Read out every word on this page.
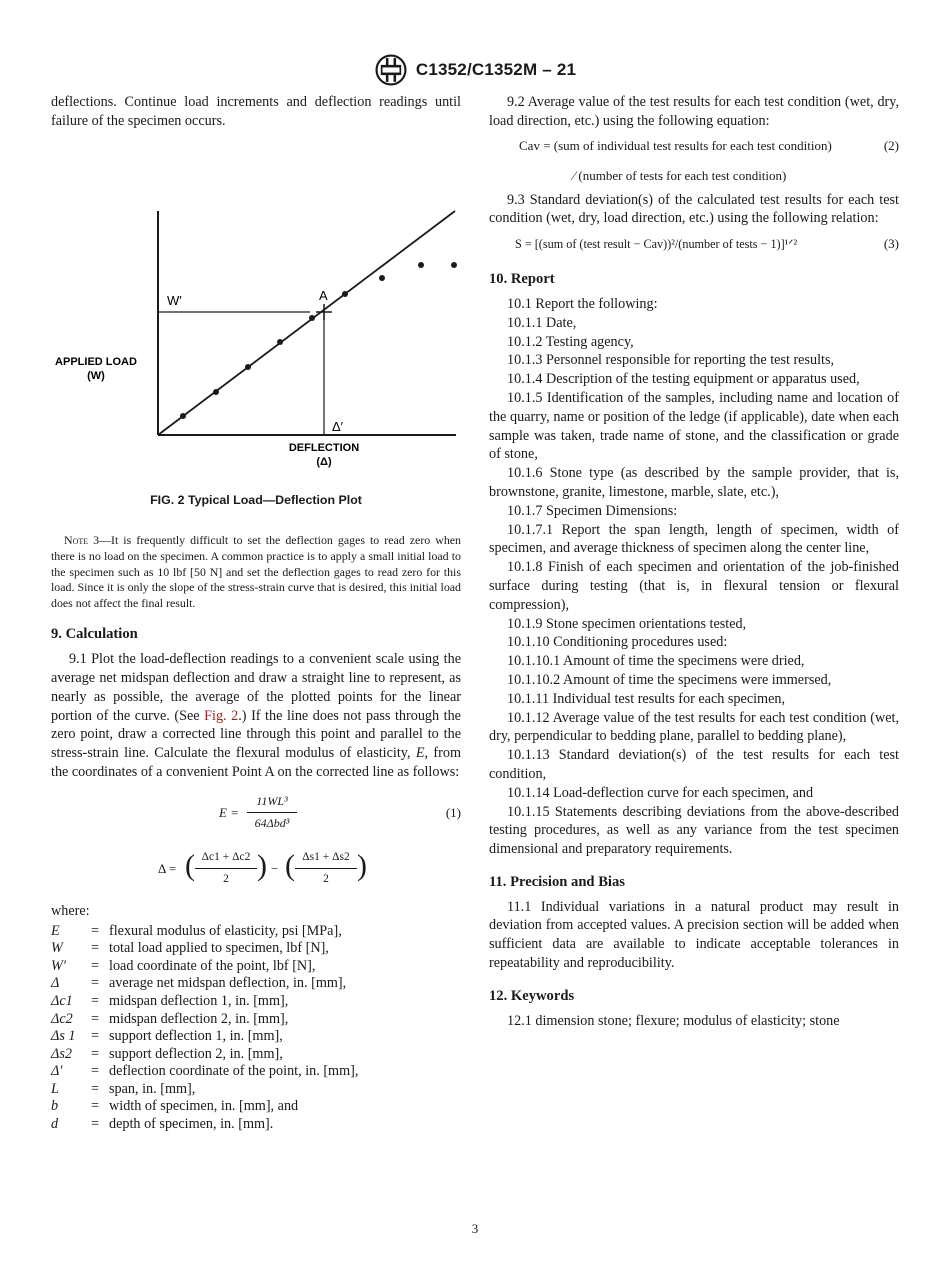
C1352/C1352M – 21

deflections. Continue load increments and deflection readings until failure of the specimen occurs.

APPLIED LOAD
(W)
DEFLECTION
(Δ)
W′	A
Δ′
FIG. 2 Typical Load—Deflection Plot

Note 3—It is frequently difficult to set the deflection gages to read zero when there is no load on the specimen. A common practice is to apply a small initial load to the specimen such as 10 lbf [50 N] and set the deflection gages to read zero for this load. Since it is only the slope of the stress-strain curve that is desired, this initial load does not affect the final result.

9. Calculation

9.1 Plot the load-deflection readings to a convenient scale using the average net midspan deflection and draw a straight line to represent, as nearly as possible, the average of the plotted points for the linear portion of the curve. (See Fig. 2.) If the line does not pass through the zero point, draw a corrected line through this point and parallel to the stress-strain line. Calculate the flexural modulus of elasticity, E, from the coordinates of a convenient Point A on the corrected line as follows:

E =
11WL³
64Δbd³
(1)
Δ = ( Δc1 + Δc2
2 ) − ( Δs1 + Δs2
2 )

where:

E	=	flexural modulus of elasticity, psi [MPa],
W	=	total load applied to specimen, lbf [N],
W′	=	load coordinate of the point, lbf [N],
Δ	=	average net midspan deflection, in. [mm],
Δc1	=	midspan deflection 1, in. [mm],
Δc2	=	midspan deflection 2, in. [mm],
Δs 1	=	support deflection 1, in. [mm],
Δs2	=	support deflection 2, in. [mm],
Δ′	=	deflection coordinate of the point, in. [mm],
L	=	span, in. [mm],
b	=	width of specimen, in. [mm], and
d	=	depth of specimen, in. [mm].

9.2 Average value of the test results for each test condition (wet, dry, load direction, etc.) using the following equation:

Cav = (sum of individual test results for each test condition)	(2)
⁄ (number of tests for each test condition)

9.3 Standard deviation(s) of the calculated test results for each test condition (wet, dry, load direction, etc.) using the following relation:

S = [(sum of (test result − Cav))²/(number of tests − 1)]¹ᐟ²	(3)
10. Report

10.1 Report the following:

10.1.1 Date,

10.1.2 Testing agency,

10.1.3 Personnel responsible for reporting the test results,

10.1.4 Description of the testing equipment or apparatus used,

10.1.5 Identification of the samples, including name and location of the quarry, name or position of the ledge (if applicable), date when each sample was taken, trade name of stone, and the classification or grade of stone,

10.1.6 Stone type (as described by the sample provider, that is, brownstone, granite, limestone, marble, slate, etc.),

10.1.7 Specimen Dimensions:

10.1.7.1 Report the span length, length of specimen, width of specimen, and average thickness of specimen along the center line,

10.1.8 Finish of each specimen and orientation of the job-finished surface during testing (that is, in flexural tension or flexural compression),

10.1.9 Stone specimen orientations tested,

10.1.10 Conditioning procedures used:

10.1.10.1 Amount of time the specimens were dried,

10.1.10.2 Amount of time the specimens were immersed,

10.1.11 Individual test results for each specimen,

10.1.12 Average value of the test results for each test condition (wet, dry, perpendicular to bedding plane, parallel to bedding plane),

10.1.13 Standard deviation(s) of the test results for each test condition,

10.1.14 Load-deflection curve for each specimen, and

10.1.15 Statements describing deviations from the above-described testing procedures, as well as any variance from the test specimen dimensional and preparatory requirements.

11. Precision and Bias

11.1 Individual variations in a natural product may result in deviation from accepted values. A precision section will be added when sufficient data are available to indicate acceptable tolerances in repeatability and reproducibility.

12. Keywords

12.1 dimension stone; flexure; modulus of elasticity; stone

3
